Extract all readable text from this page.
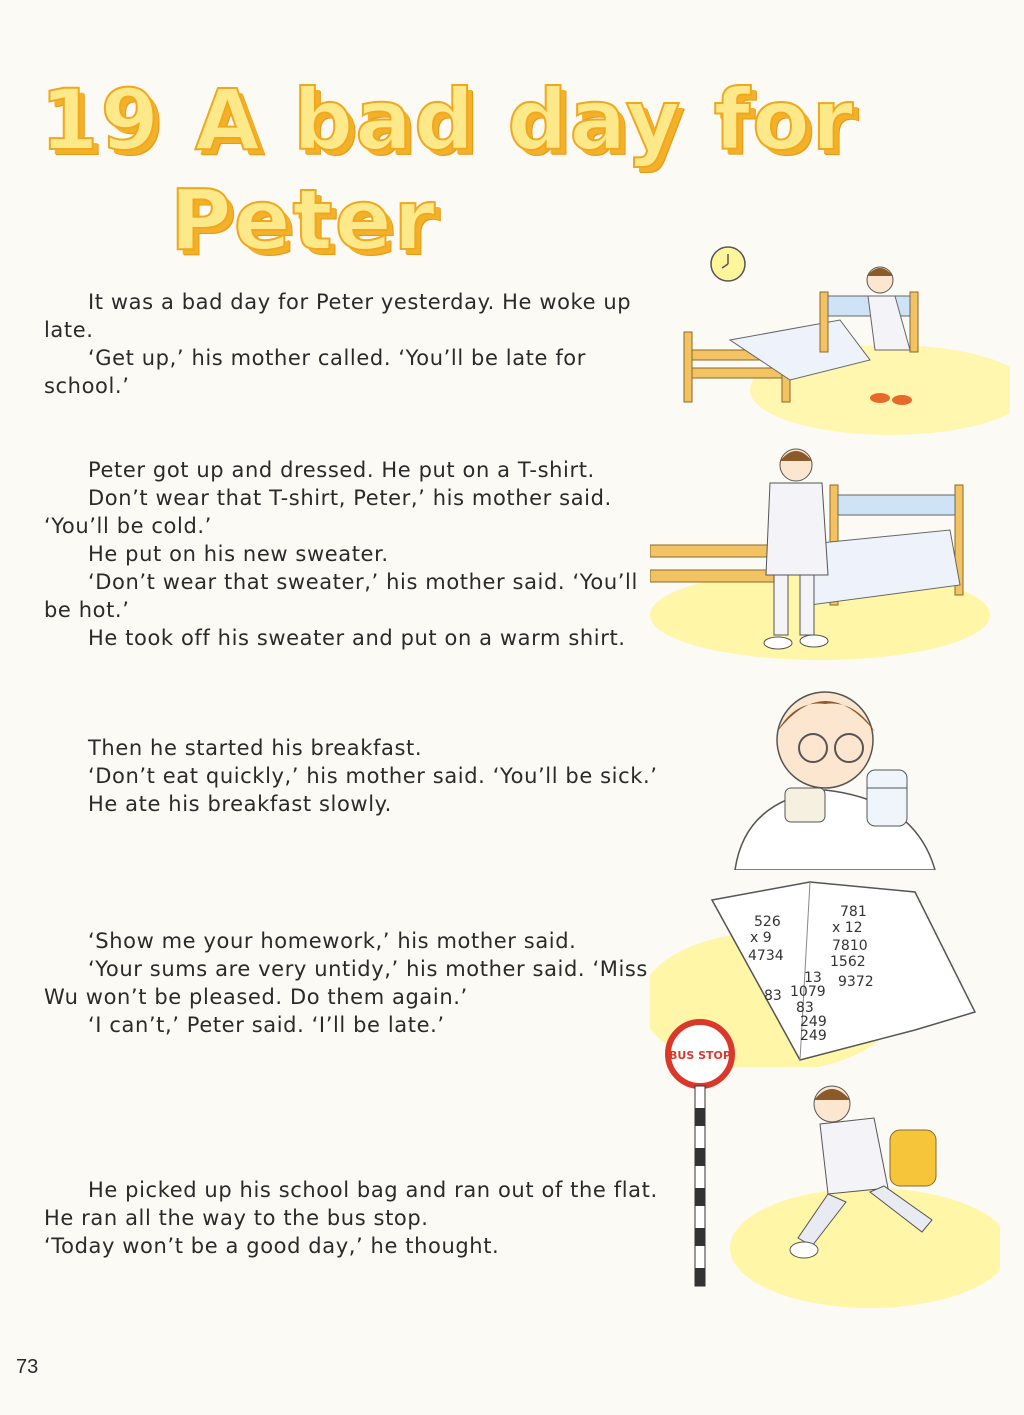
19 A bad day for
Peter

It was a bad day for Peter yesterday. He woke up late.

‘Get up,’ his mother called. ‘You’ll be late for school.’

Peter got up and dressed. He put on a T-shirt.

Don’t wear that T-shirt, Peter,’ his mother said. ‘You’ll be cold.’

He put on his new sweater.

‘Don’t wear that sweater,’ his mother said. ‘You’ll be hot.’

He took off his sweater and put on a warm shirt.

Then he started his breakfast.

‘Don’t eat quickly,’ his mother said. ‘You’ll be sick.’

He ate his breakfast slowly.

‘Show me your homework,’ his mother said.

‘Your sums are very untidy,’ his mother said. ‘Miss Wu won’t be pleased. Do them again.’

‘I can’t,’ Peter said. ‘I’ll be late.’

He picked up his school bag and ran out of the flat. He ran all the way to the bus stop.

‘Today won’t be a good day,’ he thought.

526
x 9
4734
781
x 12
7810
1562
9372
13
83 1079
83
249
249
BUS STOP
73
